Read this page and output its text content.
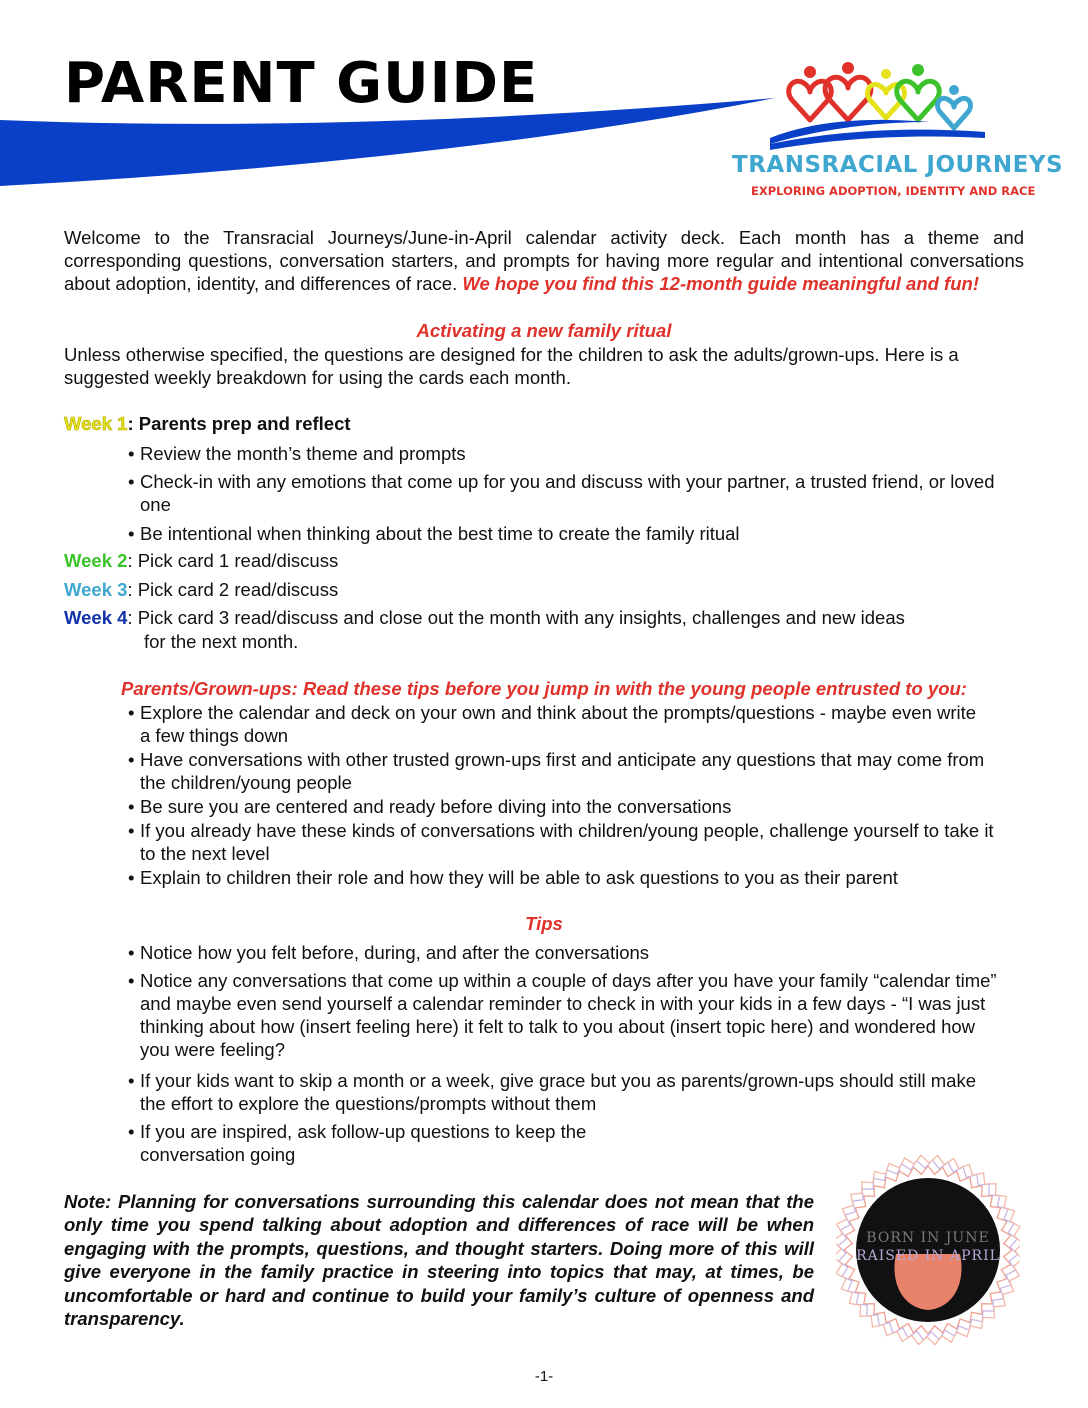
PARENT GUIDE
TRANSRACIAL JOURNEYS
EXPLORING ADOPTION, IDENTITY AND RACE
Welcome to the Transracial Journeys/June-in-April calendar activity deck. Each month has a theme and corresponding questions, conversation starters, and prompts for having more regular and intentional conversations about adoption, identity, and differences of race. We hope you find this 12-month guide meaningful and fun!
Activating a new family ritual
Unless otherwise specified, the questions are designed for the children to ask the adults/grown-ups. Here is a suggested weekly breakdown for using the cards each month.
Week 1: Parents prep and reflect
• Review the month’s theme and prompts
• Check-in with any emotions that come up for you and discuss with your partner, a trusted friend, or loved one
• Be intentional when thinking about the best time to create the family ritual
Week 2: Pick card 1 read/discuss
Week 3: Pick card 2 read/discuss
Week 4: Pick card 3 read/discuss and close out the month with any insights, challenges and new ideas
for the next month.
Parents/Grown-ups: Read these tips before you jump in with the young people entrusted to you:
• Explore the calendar and deck on your own and think about the prompts/questions - maybe even write a few things down
• Have conversations with other trusted grown-ups first and anticipate any questions that may come from the children/young people
• Be sure you are centered and ready before diving into the conversations
• If you already have these kinds of conversations with children/young people, challenge yourself to take it to the next level
• Explain to children their role and how they will be able to ask questions to you as their parent
Tips
• Notice how you felt before, during, and after the conversations
• Notice any conversations that come up within a couple of days after you have your family “calendar time” and maybe even send yourself a calendar reminder to check in with your kids in a few days - “I was just thinking about how (insert feeling here) it felt to talk to you about (insert topic here) and wondered how you were feeling?
• If your kids want to skip a month or a week, give grace but you as parents/grown-ups should still make the effort to explore the questions/prompts without them
• If you are inspired, ask follow-up questions to keep the conversation going
Note: Planning for conversations surrounding this calendar does not mean that the only time you spend talking about adoption and differences of race will be when engaging with the prompts, questions, and thought starters. Doing more of this will give everyone in the family practice in steering into topics that may, at times, be uncomfortable or hard and continue to build your family’s culture of openness and transparency.
BORN IN JUNE
RAISED IN APRIL
-1-
